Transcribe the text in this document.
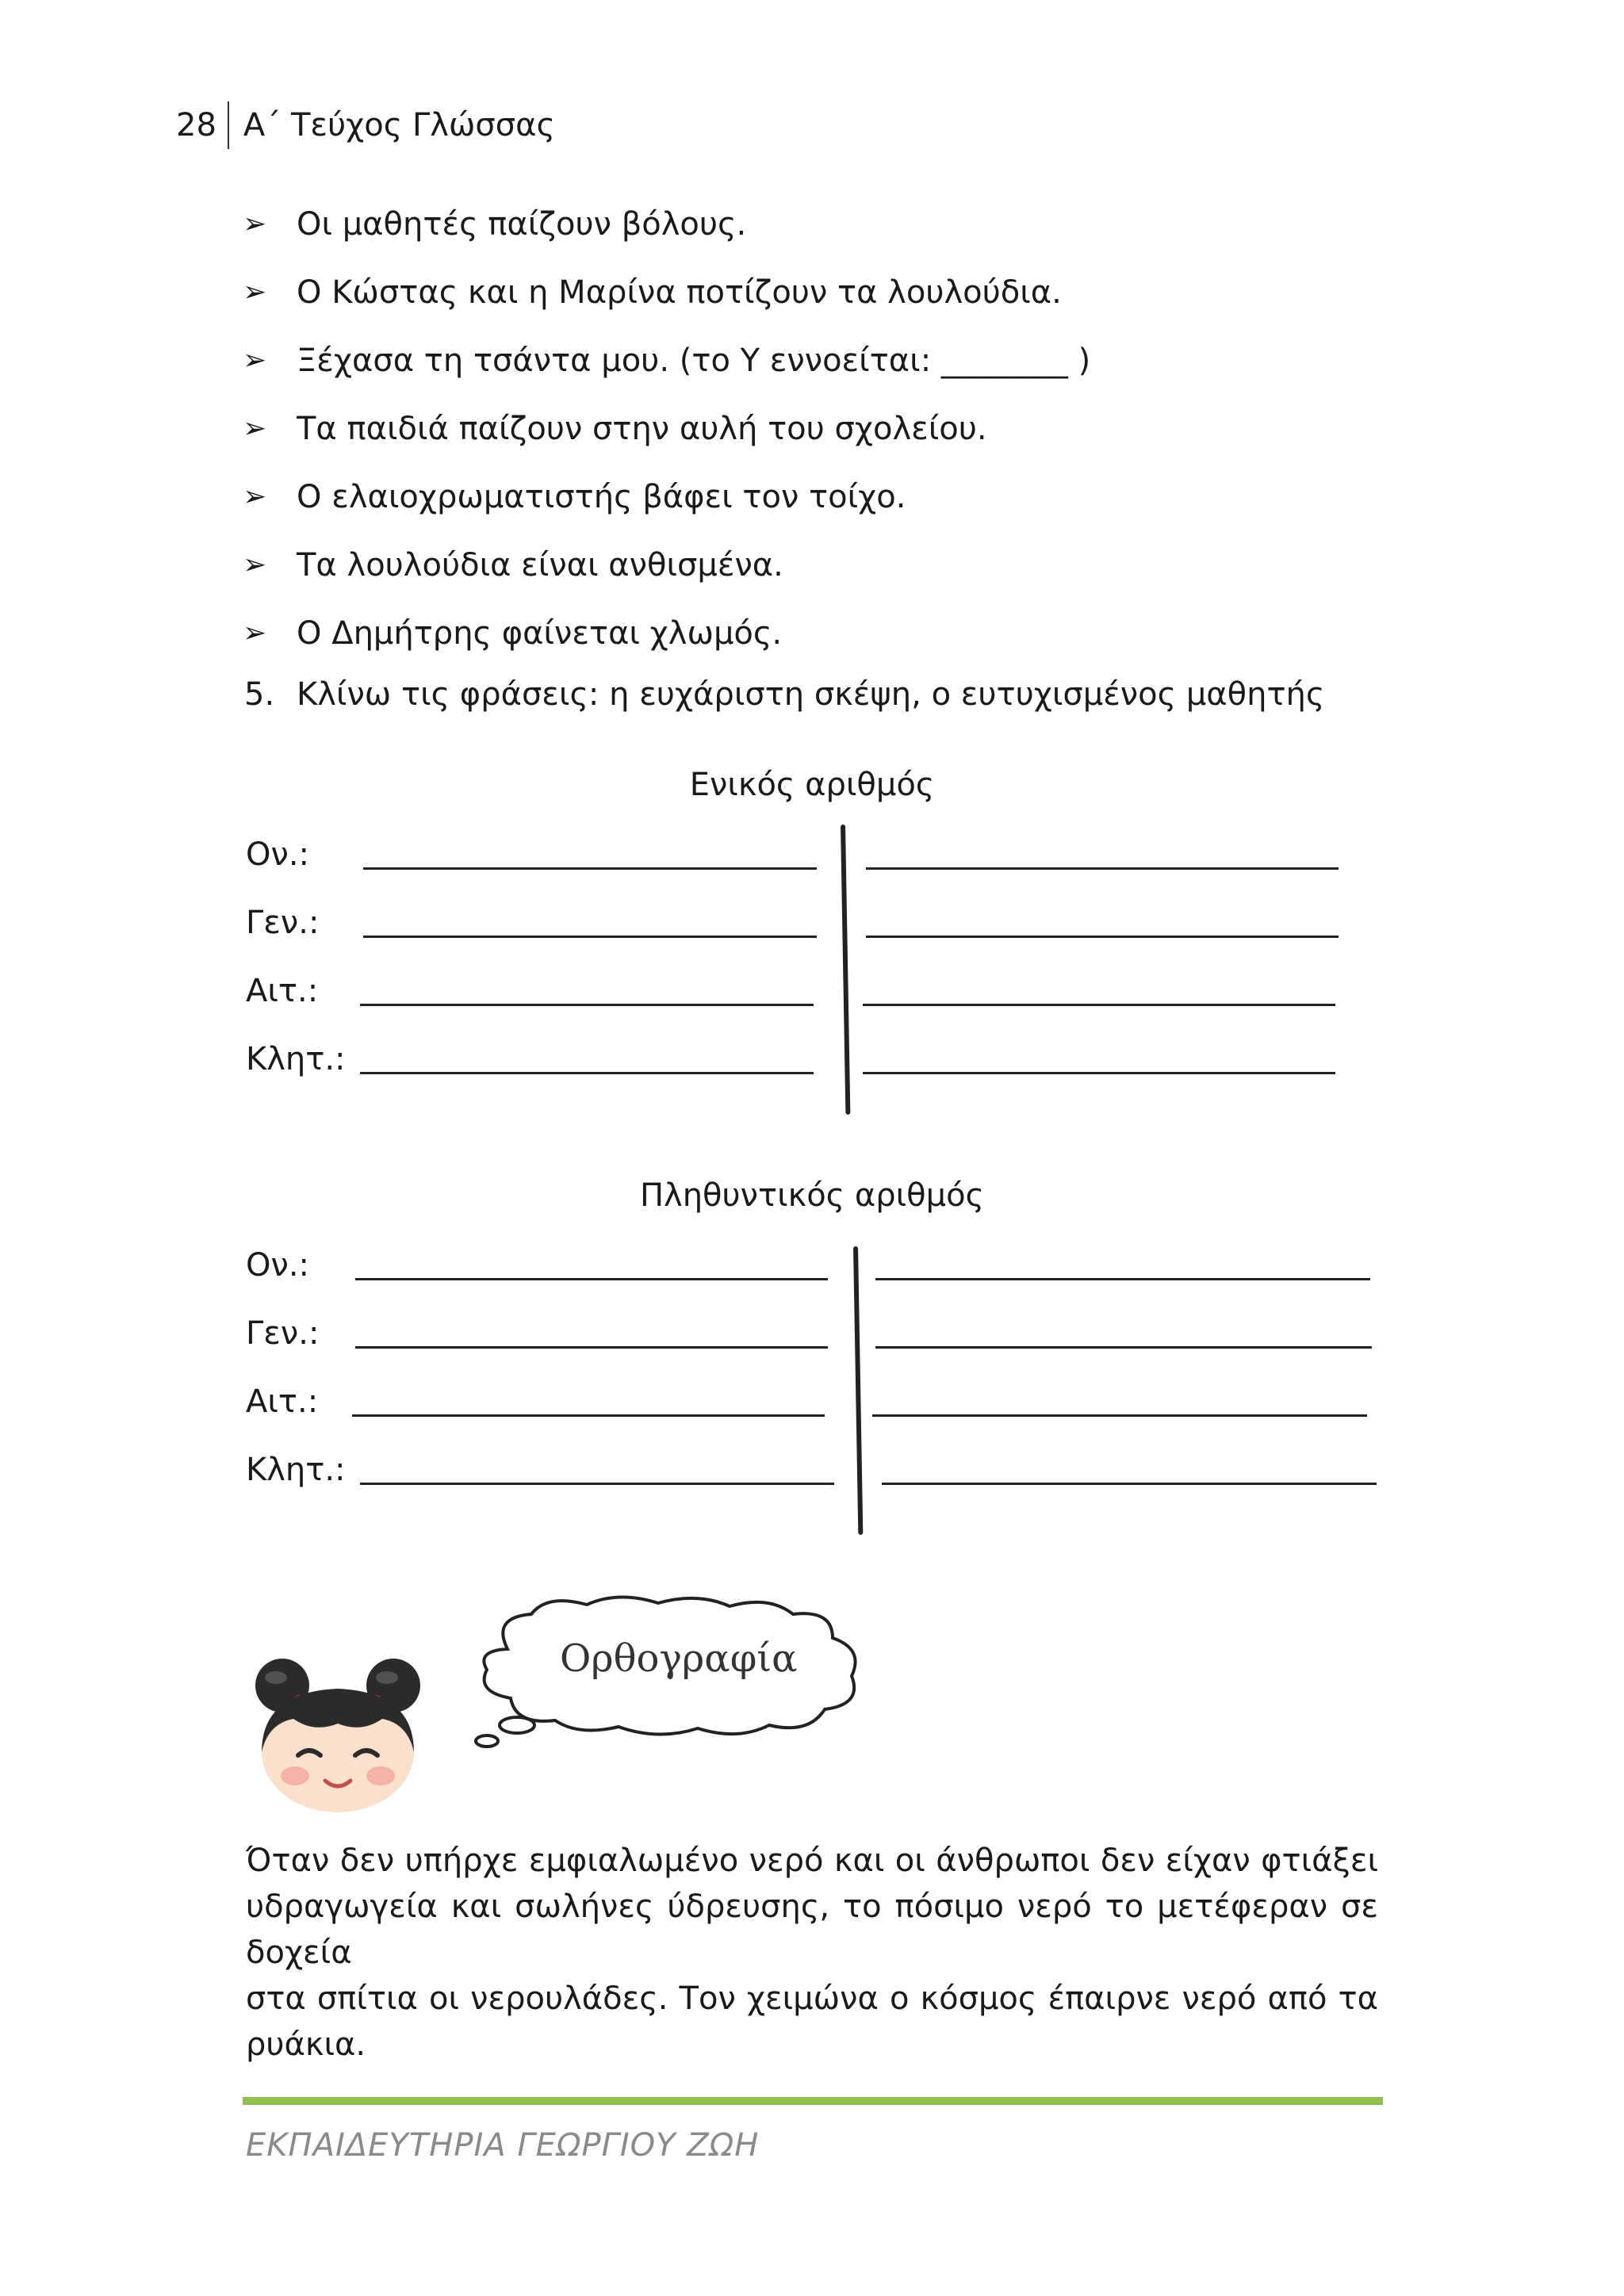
28 Α΄ Τεύχος Γλώσσας
➢ Οι μαθητές παίζουν βόλους.
➢ Ο Κώστας και η Μαρίνα ποτίζουν τα λουλούδια.
➢ Ξέχασα τη τσάντα μου. (το Υ εννοείται: ________ )
➢ Τα παιδιά παίζουν στην αυλή του σχολείου.
➢ Ο ελαιοχρωματιστής βάφει τον τοίχο.
➢ Τα λουλούδια είναι ανθισμένα.
➢ Ο Δημήτρης φαίνεται χλωμός.
5. Κλίνω τις φράσεις: η ευχάριστη σκέψη, ο ευτυχισμένος μαθητής
Ενικός αριθμός
Ον.:
Γεν.:
Αιτ.:
Κλητ.:
Πληθυντικός αριθμός
Ον.:
Γεν.:
Αιτ.:
Κλητ.:
Ορθογραφία
Όταν δεν υπήρχε εμφιαλωμένο νερό και οι άνθρωποι δεν είχαν φτιάξει
υδραγωγεία και σωλήνες ύδρευσης, το πόσιμο νερό το μετέφεραν σε δοχεία
στα σπίτια οι νερουλάδες. Τον χειμώνα ο κόσμος έπαιρνε νερό από τα ρυάκια.
ΕΚΠΑΙΔΕΥΤΗΡΙΑ ΓΕΩΡΓΙΟΥ ΖΩΗ
